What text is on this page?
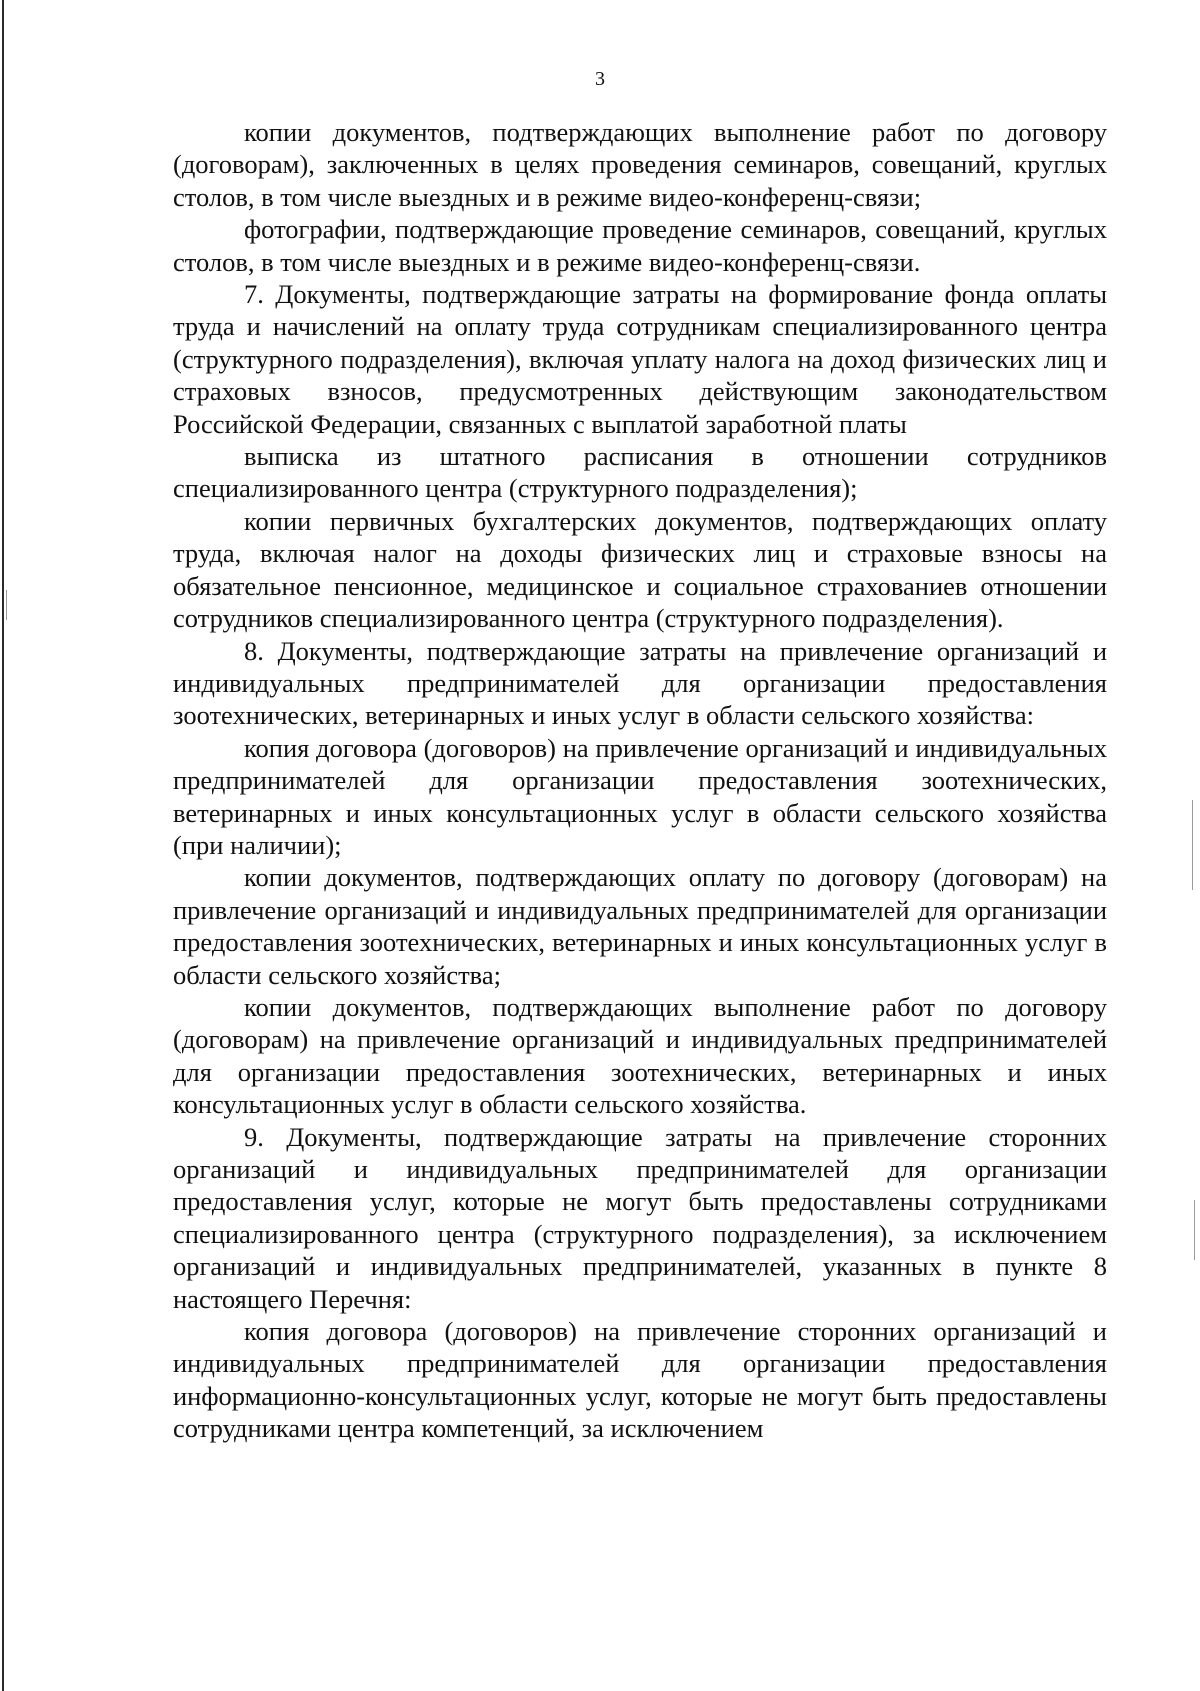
3

копии документов, подтверждающих выполнение работ по договору (договорам), заключенных в целях проведения семинаров, совещаний, круглых столов, в том числе выездных и в режиме видео-конференц-связи;

фотографии, подтверждающие проведение семинаров, совещаний, круглых столов, в том числе выездных и в режиме видео-конференц-связи.

7. Документы, подтверждающие затраты на формирование фонда оплаты труда и начислений на оплату труда сотрудникам специализированного центра (структурного подразделения), включая уплату налога на доход физических лиц и страховых взносов, предусмотренных действующим законодательством Российской Федерации, связанных с выплатой заработной платы

выписка из штатного расписания в отношении сотрудников специализированного центра (структурного подразделения);

копии первичных бухгалтерских документов, подтверждающих оплату труда, включая налог на доходы физических лиц и страховые взносы на обязательное пенсионное, медицинское и социальное страхованиев отношении сотрудников специализированного центра (структурного подразделения).

8. Документы, подтверждающие затраты на привлечение организаций и индивидуальных предпринимателей для организации предоставления зоотехнических, ветеринарных и иных услуг в области сельского хозяйства:

копия договора (договоров) на привлечение организаций и индивидуальных предпринимателей для организации предоставления зоотехнических, ветеринарных и иных консультационных услуг в области сельского хозяйства (при наличии);

копии документов, подтверждающих оплату по договору (договорам) на привлечение организаций и индивидуальных предпринимателей для организации предоставления зоотехнических, ветеринарных и иных консультационных услуг в области сельского хозяйства;

копии документов, подтверждающих выполнение работ по договору (договорам) на привлечение организаций и индивидуальных предпринимателей для организации предоставления зоотехнических, ветеринарных и иных консультационных услуг в области сельского хозяйства.

9. Документы, подтверждающие затраты на привлечение сторонних организаций и индивидуальных предпринимателей для организации предоставления услуг, которые не могут быть предоставлены сотрудниками специализированного центра (структурного подразделения), за исключением организаций и индивидуальных предпринимателей, указанных в пункте 8 настоящего Перечня:

копия договора (договоров) на привлечение сторонних организаций и индивидуальных предпринимателей для организации предоставления информационно-консультационных услуг, которые не могут быть предоставлены сотрудниками центра компетенций, за исключением
